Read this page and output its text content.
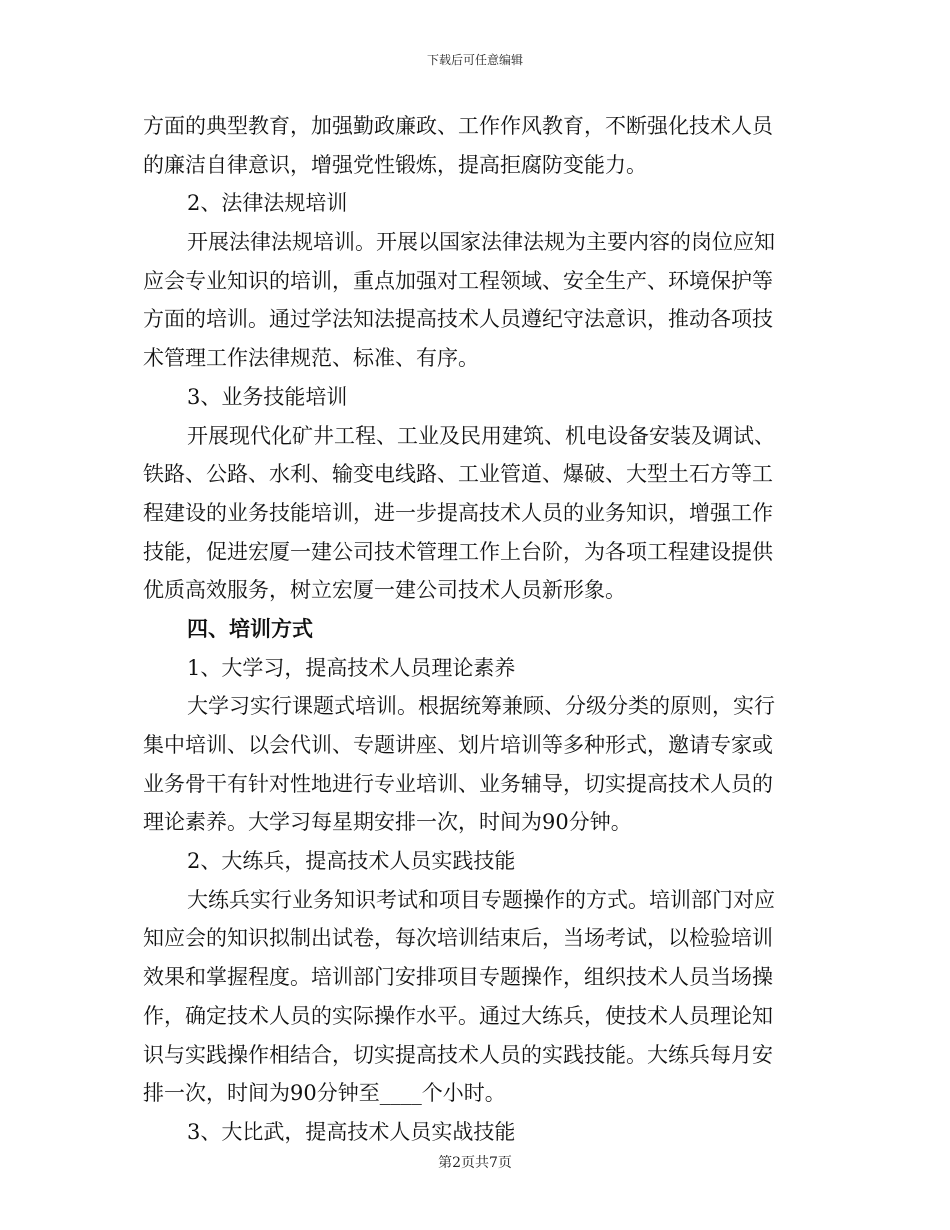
下载后可任意编辑
方面的典型教育，加强勤政廉政、工作作风教育，不断强化技术人员
的廉洁自律意识，增强党性锻炼，提高拒腐防变能力。
2、法律法规培训
开展法律法规培训。开展以国家法律法规为主要内容的岗位应知
应会专业知识的培训，重点加强对工程领域、安全生产、环境保护等
方面的培训。通过学法知法提高技术人员遵纪守法意识，推动各项技
术管理工作法律规范、标准、有序。
3、业务技能培训
开展现代化矿井工程、工业及民用建筑、机电设备安装及调试、
铁路、公路、水利、输变电线路、工业管道、爆破、大型土石方等工
程建设的业务技能培训，进一步提高技术人员的业务知识，增强工作
技能，促进宏厦一建公司技术管理工作上台阶，为各项工程建设提供
优质高效服务，树立宏厦一建公司技术人员新形象。
四、培训方式
1、大学习，提高技术人员理论素养
大学习实行课题式培训。根据统筹兼顾、分级分类的原则，实行
集中培训、以会代训、专题讲座、划片培训等多种形式，邀请专家或
业务骨干有针对性地进行专业培训、业务辅导，切实提高技术人员的
理论素养。大学习每星期安排一次，时间为90分钟。
2、大练兵，提高技术人员实践技能
大练兵实行业务知识考试和项目专题操作的方式。培训部门对应
知应会的知识拟制出试卷，每次培训结束后，当场考试，以检验培训
效果和掌握程度。培训部门安排项目专题操作，组织技术人员当场操
作，确定技术人员的实际操作水平。通过大练兵，使技术人员理论知
识与实践操作相结合，切实提高技术人员的实践技能。大练兵每月安
排一次，时间为90分钟至____个小时。
3、大比武，提高技术人员实战技能
第2页共7页
